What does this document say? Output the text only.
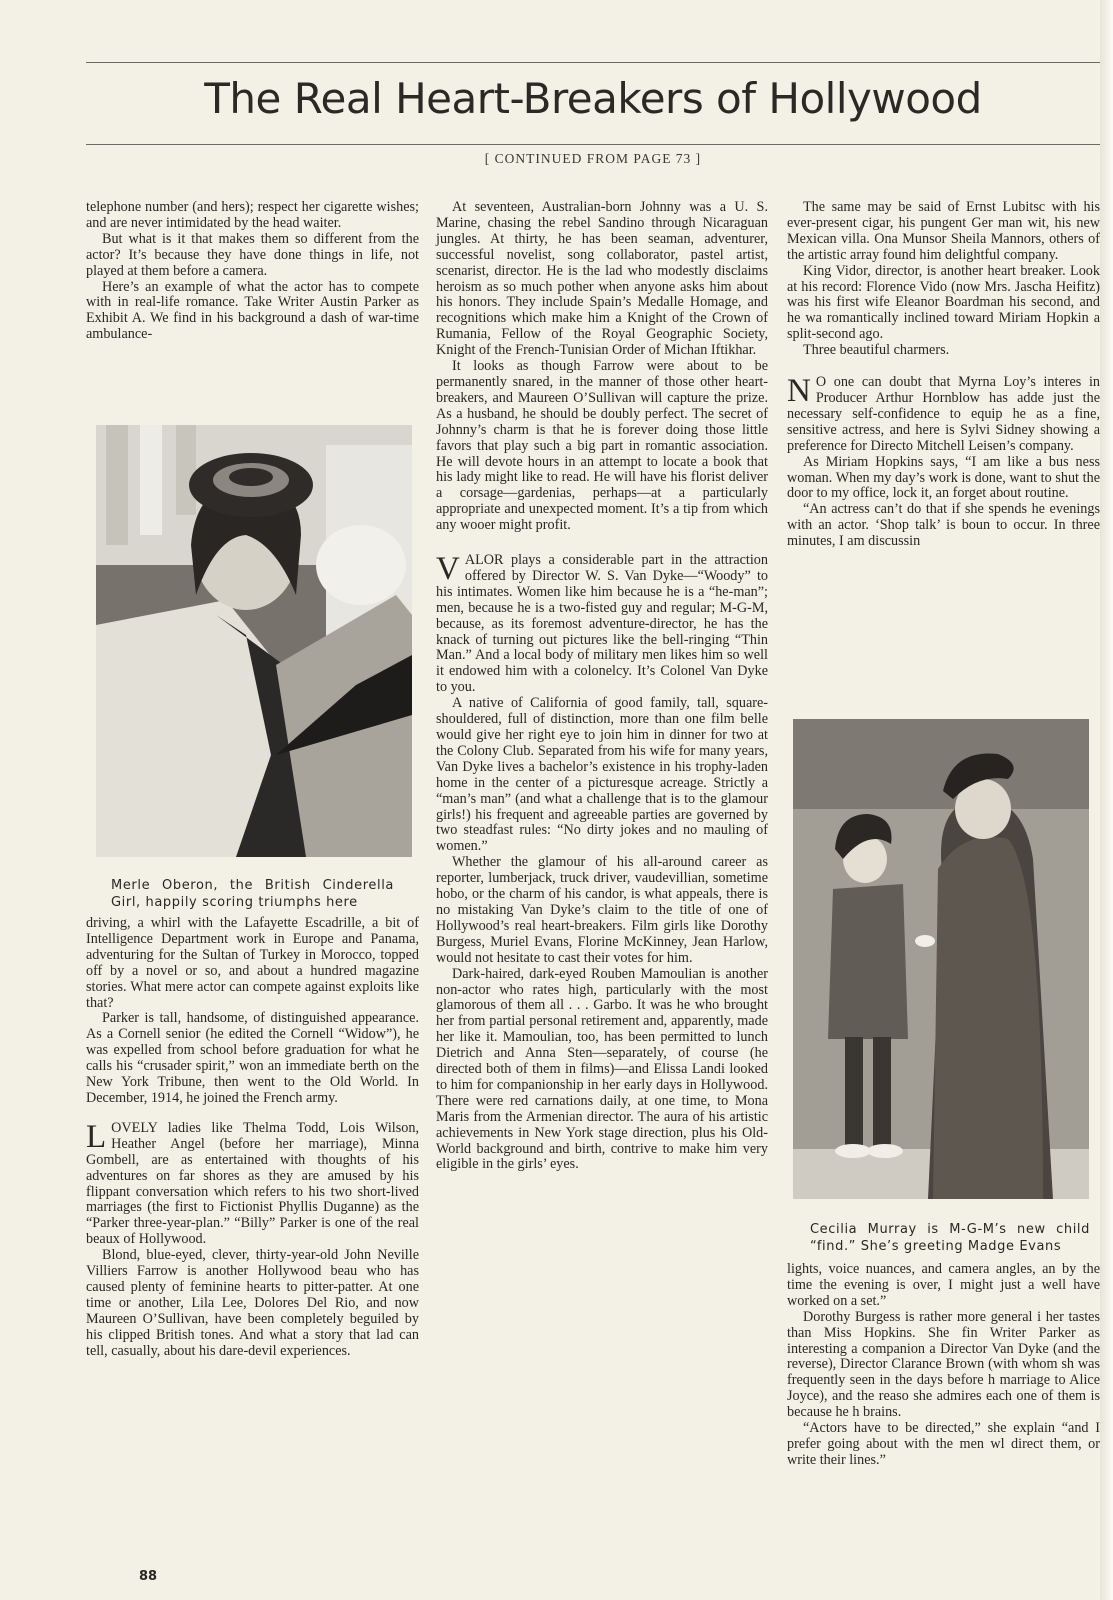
The Real Heart-Breakers of Hollywood
[ CONTINUED FROM PAGE 73 ]

telephone number (and hers); respect her cigarette wishes; and are never intimidated by the head waiter.

But what is it that makes them so different from the actor? It’s because they have done things in life, not played at them before a camera.

Here’s an example of what the actor has to compete with in real-life romance. Take Writer Austin Parker as Exhibit A. We find in his background a dash of war-time ambulance-

Merle Oberon, the British Cinderella Girl, happily scoring triumphs here

driving, a whirl with the Lafayette Escadrille, a bit of Intelligence Department work in Europe and Panama, adventuring for the Sultan of Turkey in Morocco, topped off by a novel or so, and about a hundred magazine stories. What mere actor can compete against exploits like that?

Parker is tall, handsome, of distinguished appearance. As a Cornell senior (he edited the Cornell “Widow”), he was expelled from school before graduation for what he calls his “crusader spirit,” won an immediate berth on the New York Tribune, then went to the Old World. In December, 1914, he joined the French army.

LOVELY ladies like Thelma Todd, Lois Wilson, Heather Angel (before her marriage), Minna Gombell, are as entertained with thoughts of his adventures on far shores as they are amused by his flippant conversation which refers to his two short-lived marriages (the first to Fictionist Phyllis Duganne) as the “Parker three-year-plan.” “Billy” Parker is one of the real beaux of Hollywood.

Blond, blue-eyed, clever, thirty-year-old John Neville Villiers Farrow is another Hollywood beau who has caused plenty of feminine hearts to pitter-patter. At one time or another, Lila Lee, Dolores Del Rio, and now Maureen O’Sullivan, have been completely beguiled by his clipped British tones. And what a story that lad can tell, casually, about his dare-devil experiences.

At seventeen, Australian-born Johnny was a U. S. Marine, chasing the rebel Sandino through Nicaraguan jungles. At thirty, he has been seaman, adventurer, successful novelist, song collaborator, pastel artist, scenarist, director. He is the lad who modestly disclaims heroism as so much pother when anyone asks him about his honors. They include Spain’s Medalle Homage, and recognitions which make him a Knight of the Crown of Rumania, Fellow of the Royal Geographic Society, Knight of the French-Tunisian Order of Michan Iftikhar.

It looks as though Farrow were about to be permanently snared, in the manner of those other heart-breakers, and Maureen O’Sullivan will capture the prize. As a husband, he should be doubly perfect. The secret of Johnny’s charm is that he is forever doing those little favors that play such a big part in romantic association. He will devote hours in an attempt to locate a book that his lady might like to read. He will have his florist deliver a corsage—gardenias, perhaps—at a particularly appropriate and unexpected moment. It’s a tip from which any wooer might profit.

VALOR plays a considerable part in the attraction offered by Director W. S. Van Dyke—“Woody” to his intimates. Women like him because he is a “he-man”; men, because he is a two-fisted guy and regular; M-G-M, because, as its foremost adventure-director, he has the knack of turning out pictures like the bell-ringing “Thin Man.” And a local body of military men likes him so well it endowed him with a colonelcy. It’s Colonel Van Dyke to you.

A native of California of good family, tall, square-shouldered, full of distinction, more than one film belle would give her right eye to join him in dinner for two at the Colony Club. Separated from his wife for many years, Van Dyke lives a bachelor’s existence in his trophy-laden home in the center of a picturesque acreage. Strictly a “man’s man” (and what a challenge that is to the glamour girls!) his frequent and agreeable parties are governed by two steadfast rules: “No dirty jokes and no mauling of women.”

Whether the glamour of his all-around career as reporter, lumberjack, truck driver, vaudevillian, sometime hobo, or the charm of his candor, is what appeals, there is no mistaking Van Dyke’s claim to the title of one of Hollywood’s real heart-breakers. Film girls like Dorothy Burgess, Muriel Evans, Florine McKinney, Jean Harlow, would not hesitate to cast their votes for him.

Dark-haired, dark-eyed Rouben Mamoulian is another non-actor who rates high, particularly with the most glamorous of them all . . . Garbo. It was he who brought her from partial personal retirement and, apparently, made her like it. Mamoulian, too, has been permitted to lunch Dietrich and Anna Sten—separately, of course (he directed both of them in films)—and Elissa Landi looked to him for companionship in her early days in Hollywood. There were red carnations daily, at one time, to Mona Maris from the Armenian director. The aura of his artistic achievements in New York stage direction, plus his Old-World background and birth, contrive to make him very eligible in the girls’ eyes.

The same may be said of Ernst Lubitsc with his ever-present cigar, his pungent Ger man wit, his new Mexican villa. Ona Munsor Sheila Mannors, others of the artistic array found him delightful company.

King Vidor, director, is another heart breaker. Look at his record: Florence Vido (now Mrs. Jascha Heifitz) was his first wife Eleanor Boardman his second, and he wa romantically inclined toward Miriam Hopkin a split-second ago.

Three beautiful charmers.

N O one can doubt that Myrna Loy’s interes in Producer Arthur Hornblow has adde just the necessary self-confidence to equip he as a fine, sensitive actress, and here is Sylvi Sidney showing a preference for Directo Mitchell Leisen’s company.

As Miriam Hopkins says, “I am like a bus ness woman. When my day’s work is done, want to shut the door to my office, lock it, an forget about routine.

“An actress can’t do that if she spends he evenings with an actor. ‘Shop talk’ is boun to occur. In three minutes, I am discussin

Cecilia Murray is M-G-M’s new child “find.” She’s greeting Madge Evans

lights, voice nuances, and camera angles, an by the time the evening is over, I might just a well have worked on a set.”

Dorothy Burgess is rather more general i her tastes than Miss Hopkins. She fin Writer Parker as interesting a companion a Director Van Dyke (and the reverse), Director Clarance Brown (with whom sh was frequently seen in the days before h marriage to Alice Joyce), and the reaso she admires each one of them is because he h brains.

“Actors have to be directed,” she explain “and I prefer going about with the men wl direct them, or write their lines.”

88
